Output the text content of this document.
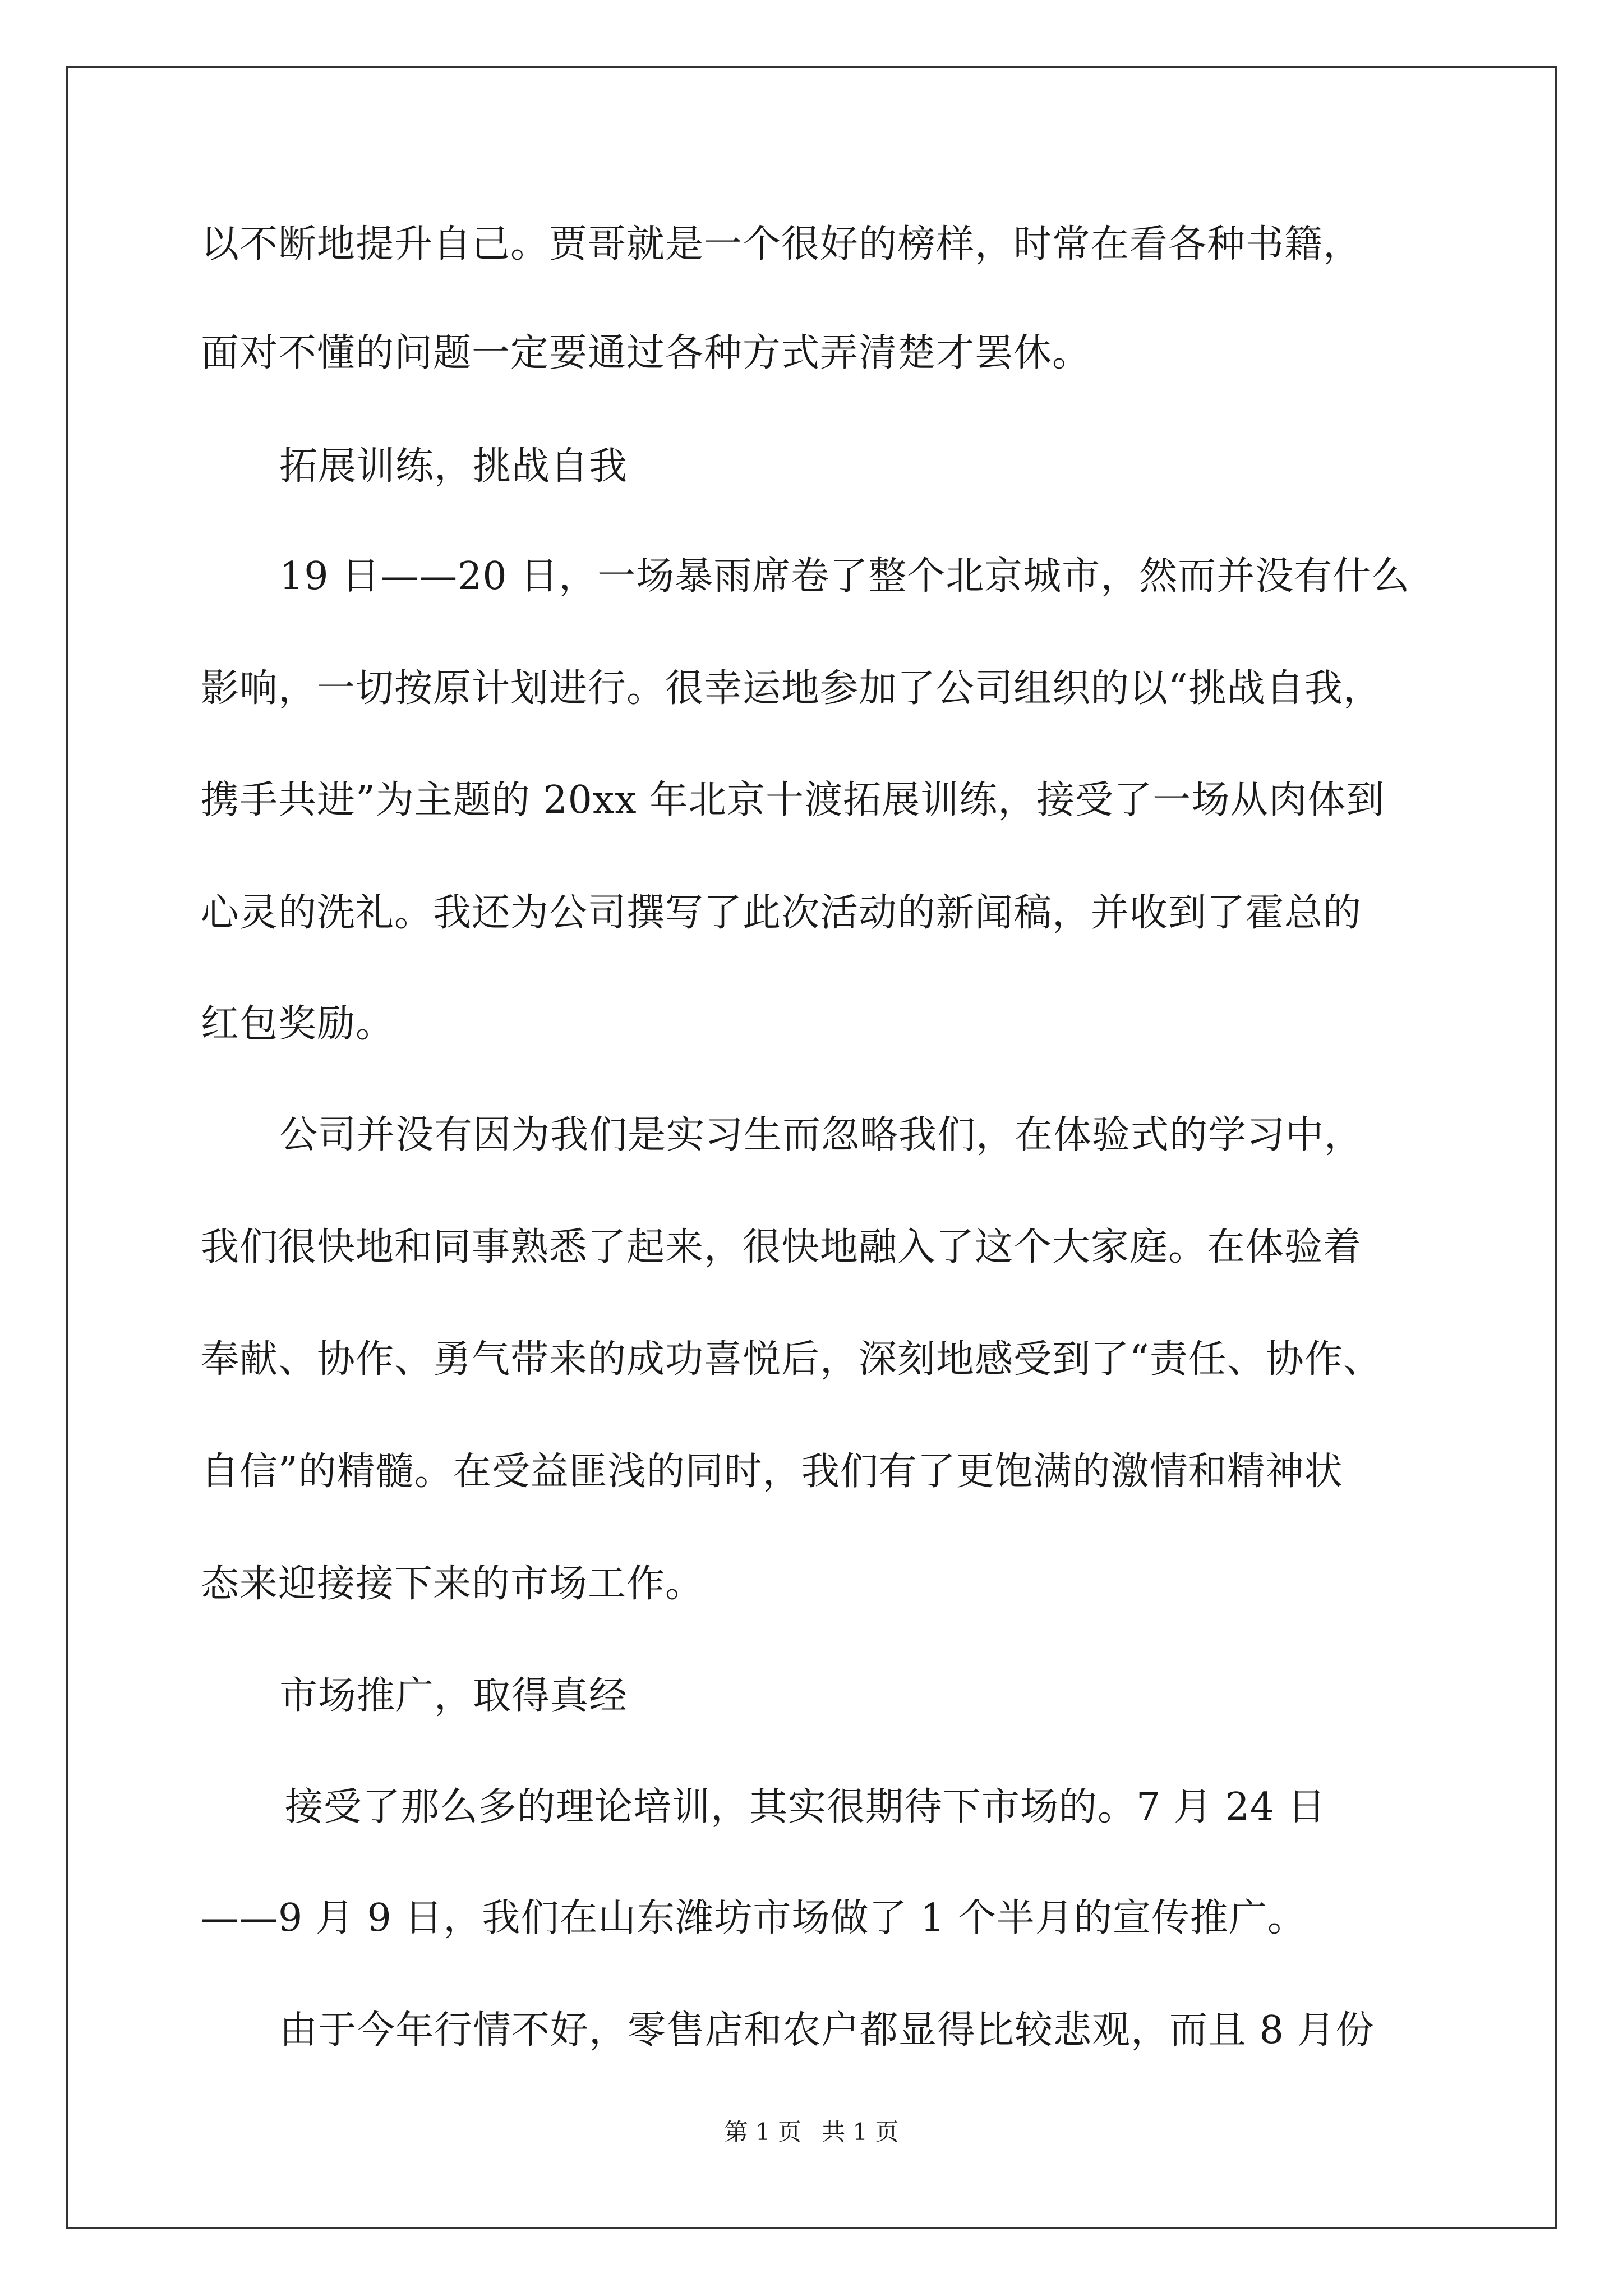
以不断地提升自己。贾哥就是一个很好的榜样，时常在看各种书籍，
面对不懂的问题一定要通过各种方式弄清楚才罢休。
拓展训练，挑战自我
19 日——20 日，一场暴雨席卷了整个北京城市，然而并没有什么
影响，一切按原计划进行。很幸运地参加了公司组织的以“挑战自我，
携手共进”为主题的 20xx 年北京十渡拓展训练，接受了一场从肉体到
心灵的洗礼。我还为公司撰写了此次活动的新闻稿，并收到了霍总的
红包奖励。
公司并没有因为我们是实习生而忽略我们，在体验式的学习中，
我们很快地和同事熟悉了起来，很快地融入了这个大家庭。在体验着
奉献、协作、勇气带来的成功喜悦后，深刻地感受到了“责任、协作、
自信”的精髓。在受益匪浅的同时，我们有了更饱满的激情和精神状
态来迎接接下来的市场工作。
市场推广，取得真经
接受了那么多的理论培训，其实很期待下市场的。7 月 24 日
——9 月 9 日，我们在山东潍坊市场做了 1 个半月的宣传推广。
由于今年行情不好，零售店和农户都显得比较悲观，而且 8 月份
第 1 页 共 1 页
